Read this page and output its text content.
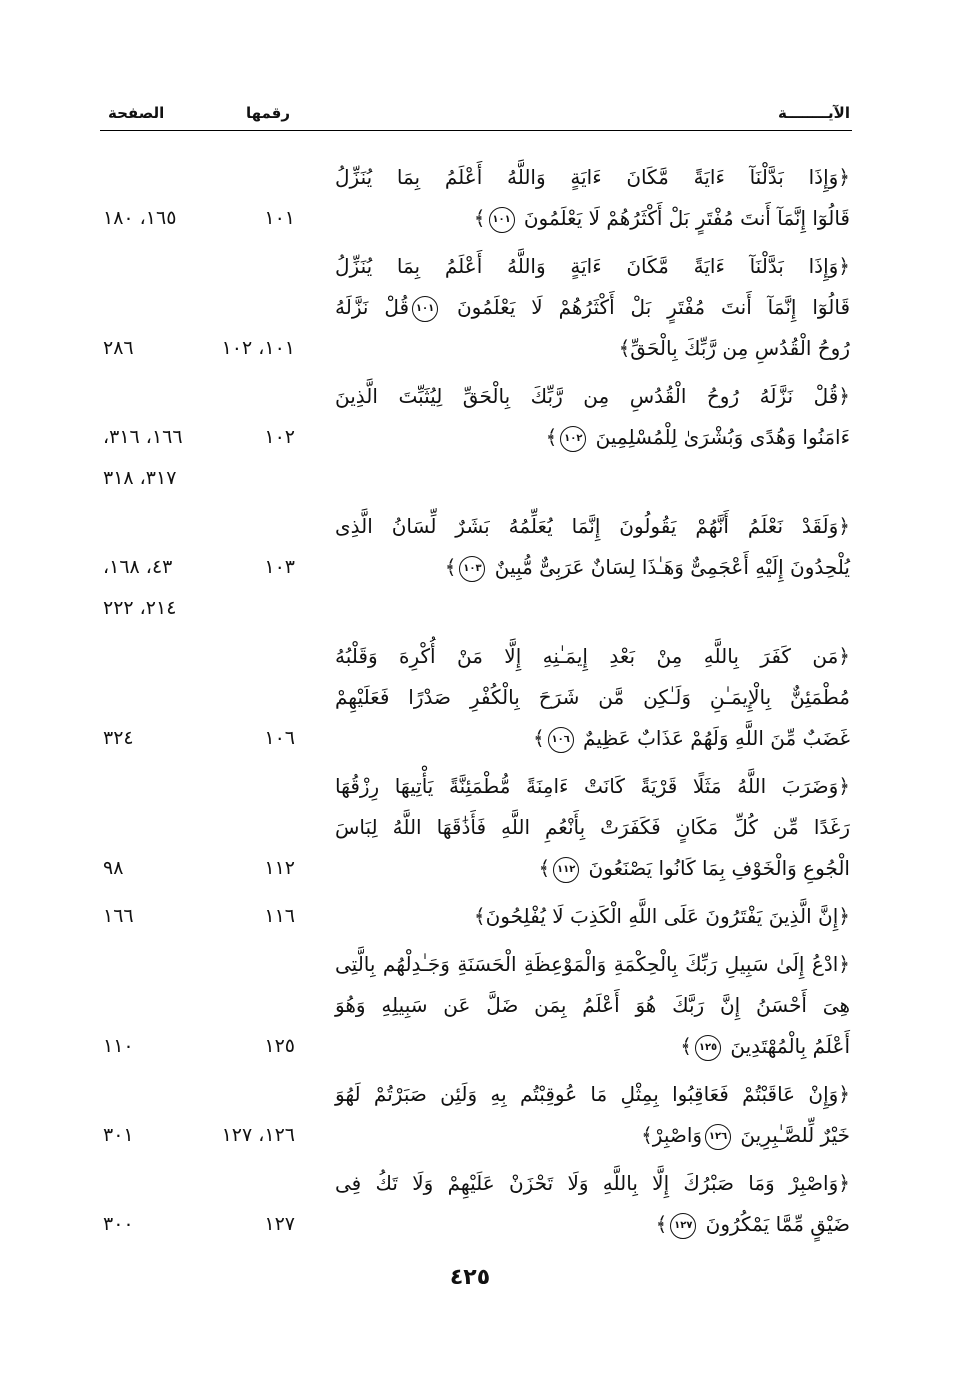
الصفحة	رقمها	الآيــــــــة
﴿وَإِذَا بَدَّلْنَآ ءَايَةً مَّكَانَ ءَايَةٍ وَاللَّهُ أَعْلَمُ بِمَا يُنَزِّلُ
قَالُوٓا إِنَّمَآ أَنتَ مُفْتَرٍ بَلْ أَكْثَرُهُمْ لَا يَعْلَمُونَ ١٠١﴾
١٠١
١٦٥، ١٨٠
﴿وَإِذَا بَدَّلْنَآ ءَايَةً مَّكَانَ ءَايَةٍ وَاللَّهُ أَعْلَمُ بِمَا يُنَزِّلُ
قَالُوٓا إِنَّمَآ أَنتَ مُفْتَرٍ بَلْ أَكْثَرُهُمْ لَا يَعْلَمُونَ ١٠١قُلْ نَزَّلَهُ
رُوحُ الْقُدُسِ مِن رَّبِّكَ بِالْحَقِّ﴾
١٠١، ١٠٢
٢٨٦
﴿قُلْ نَزَّلَهُ رُوحُ الْقُدُسِ مِن رَّبِّكَ بِالْحَقِّ لِيُثَبِّتَ الَّذِينَ
ءَامَنُوا وَهُدًى وَبُشْرَىٰ لِلْمُسْلِمِينَ ١٠٢﴾
١٠٢
١٦٦، ٣١٦،
٣١٧، ٣١٨
﴿وَلَقَدْ نَعْلَمُ أَنَّهُمْ يَقُولُونَ إِنَّمَا يُعَلِّمُهُ بَشَرٌ لِّسَانُ الَّذِى
يُلْحِدُونَ إِلَيْهِ أَعْجَمِىٌّ وَهَـٰذَا لِسَانٌ عَرَبِىٌّ مُّبِينٌ ١٠٣﴾
١٠٣
٤٣، ١٦٨،
٢١٤، ٢٢٢
﴿مَن كَفَرَ بِاللَّهِ مِنْ بَعْدِ إِيمَـٰنِهِ إِلَّا مَنْ أُكْرِهَ وَقَلْبُهُ
مُطْمَئِنٌّ بِالْإِيمَـٰنِ وَلَـٰكِن مَّن شَرَحَ بِالْكُفْرِ صَدْرًا فَعَلَيْهِمْ
غَضَبٌ مِّنَ اللَّهِ وَلَهُمْ عَذَابٌ عَظِيمٌ ١٠٦﴾
١٠٦
٣٢٤
﴿وَضَرَبَ اللَّهُ مَثَلًا قَرْيَةً كَانَتْ ءَامِنَةً مُّطْمَئِنَّةً يَأْتِيهَا رِزْقُهَا
رَغَدًا مِّن كُلِّ مَكَانٍ فَكَفَرَتْ بِأَنْعُمِ اللَّهِ فَأَذَٰقَهَا اللَّهُ لِبَاسَ
الْجُوعِ وَالْخَوْفِ بِمَا كَانُوا يَصْنَعُونَ ١١٢﴾
١١٢
٩٨
﴿إِنَّ الَّذِينَ يَفْتَرُونَ عَلَى اللَّهِ الْكَذِبَ لَا يُفْلِحُونَ﴾
١١٦
١٦٦
﴿ادْعُ إِلَىٰ سَبِيلِ رَبِّكَ بِالْحِكْمَةِ وَالْمَوْعِظَةِ الْحَسَنَةِ وَجَـٰدِلْهُم بِالَّتِى
هِىَ أَحْسَنُ إِنَّ رَبَّكَ هُوَ أَعْلَمُ بِمَن ضَلَّ عَن سَبِيلِهِ وَهُوَ
أَعْلَمُ بِالْمُهْتَدِينَ ١٢٥﴾
١٢٥
١١٠
﴿وَإِنْ عَاقَبْتُمْ فَعَاقِبُوا بِمِثْلِ مَا عُوقِبْتُم بِهِ وَلَئِن صَبَرْتُمْ لَهُوَ
خَيْرٌ لِّلصَّـٰبِرِينَ ١٢٦وَاصْبِرْ﴾
١٢٦، ١٢٧
٣٠١
﴿وَاصْبِرْ وَمَا صَبْرُكَ إِلَّا بِاللَّهِ وَلَا تَحْزَنْ عَلَيْهِمْ وَلَا تَكُ فِى
ضَيْقٍ مِّمَّا يَمْكُرُونَ ١٢٧﴾
١٢٧
٣٠٠
٤٢٥
